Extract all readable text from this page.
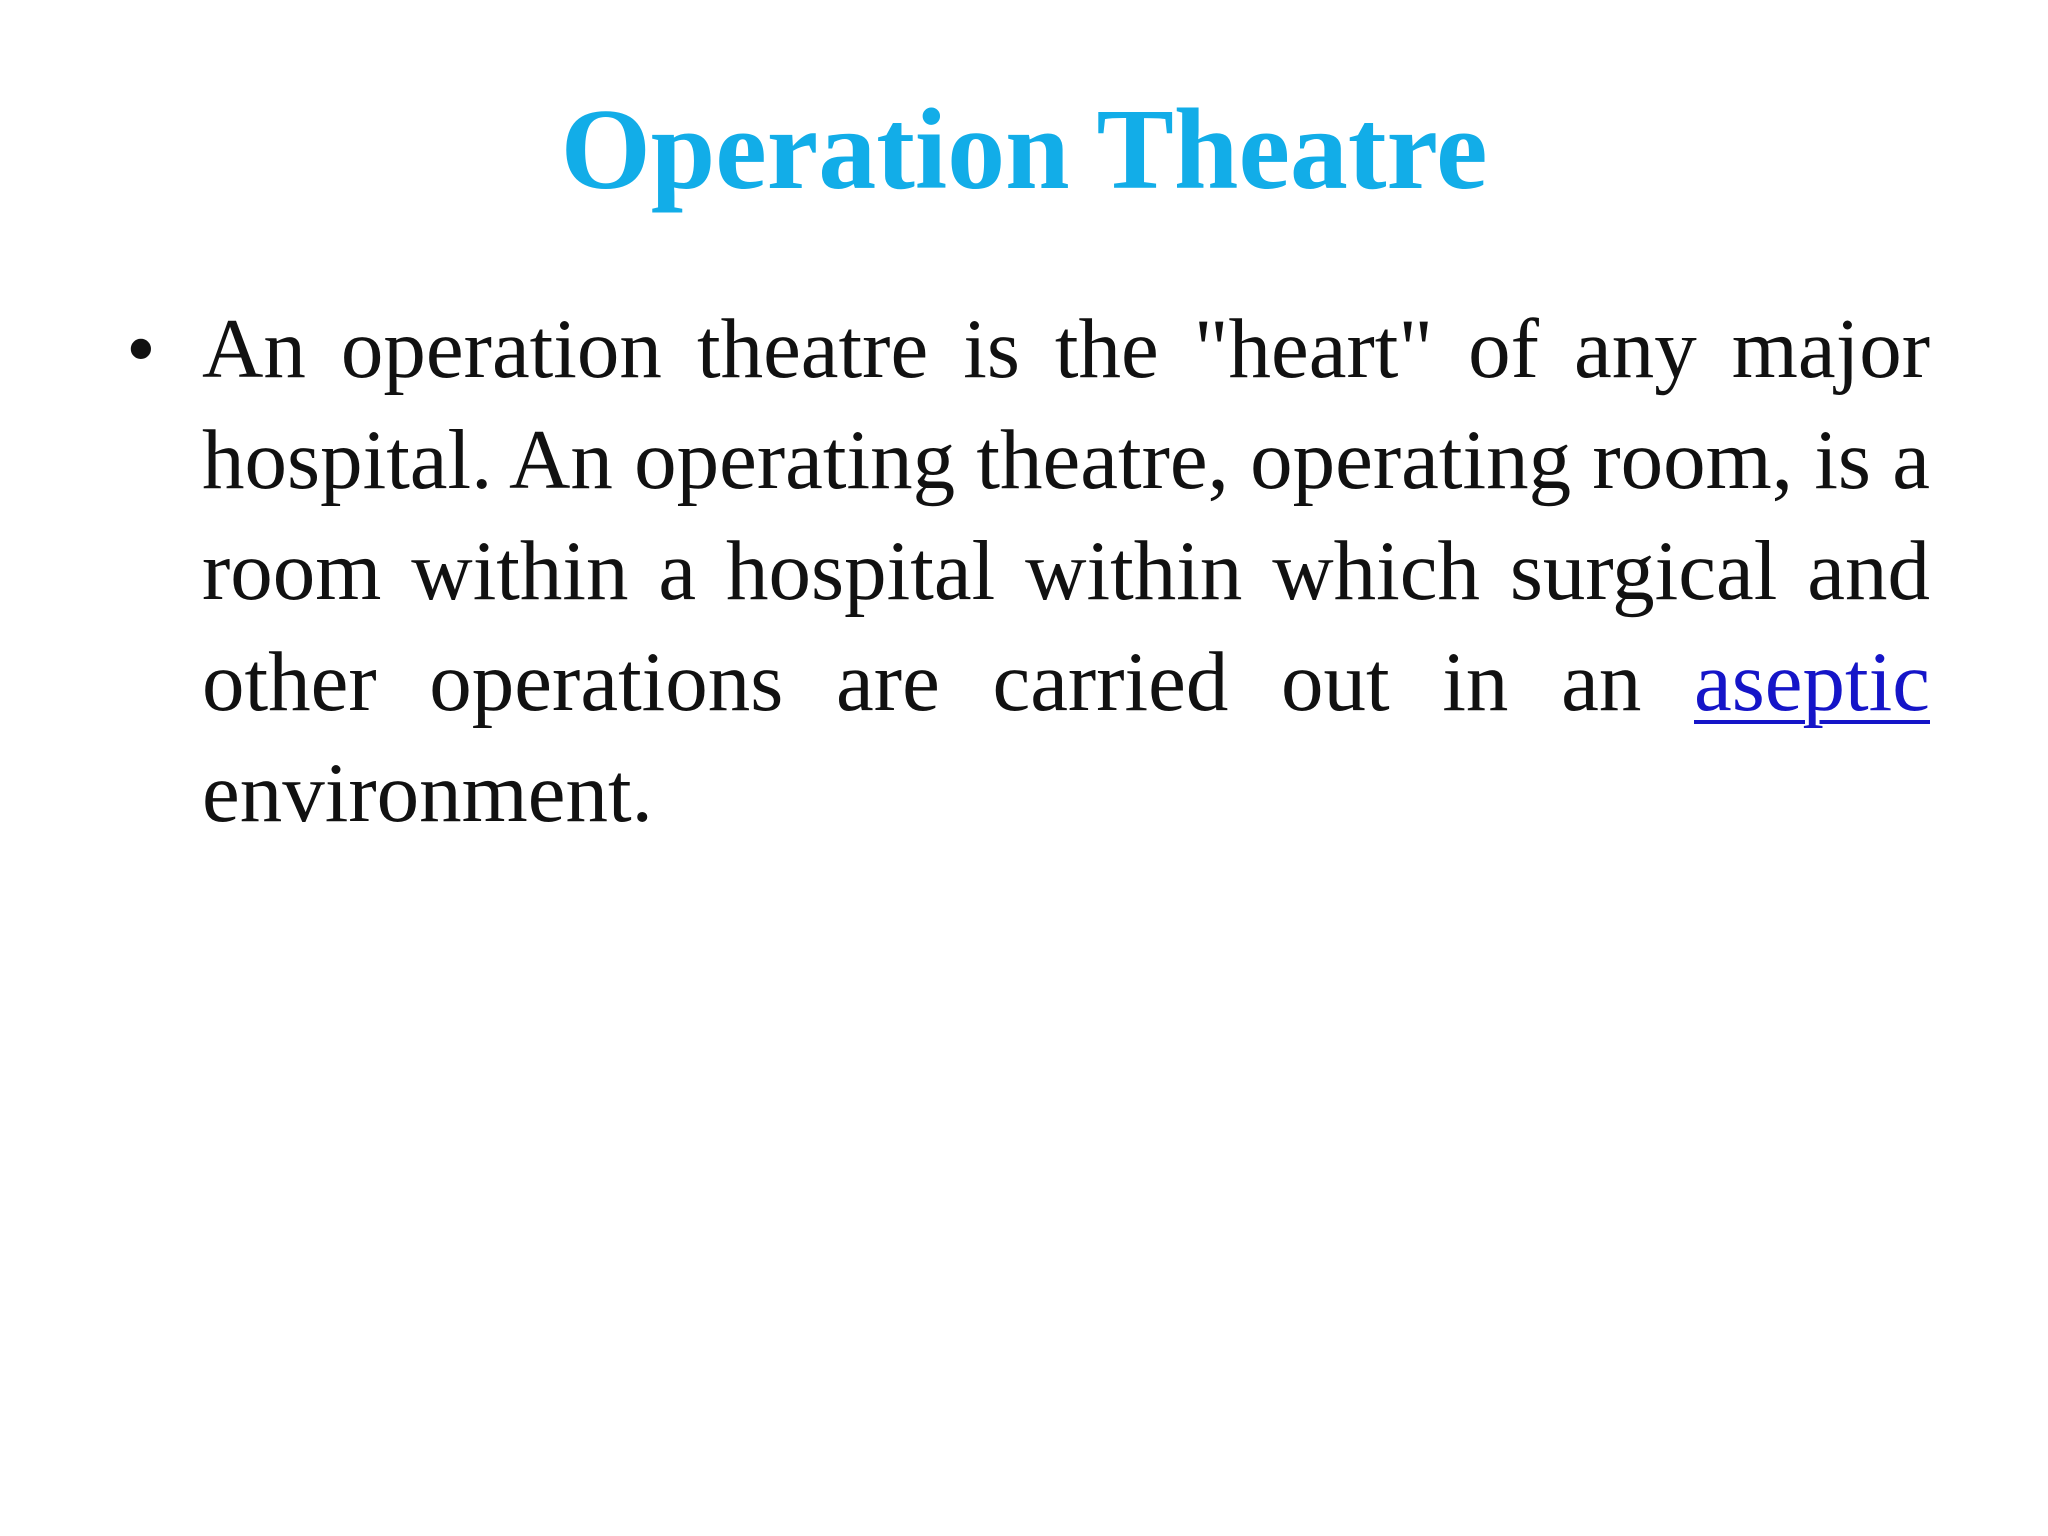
Operation Theatre
• An operation theatre is the "heart" of any major hospital. An operating theatre, operating room, is a room within a hospital within which surgical and other operations are carried out in an aseptic environment.
